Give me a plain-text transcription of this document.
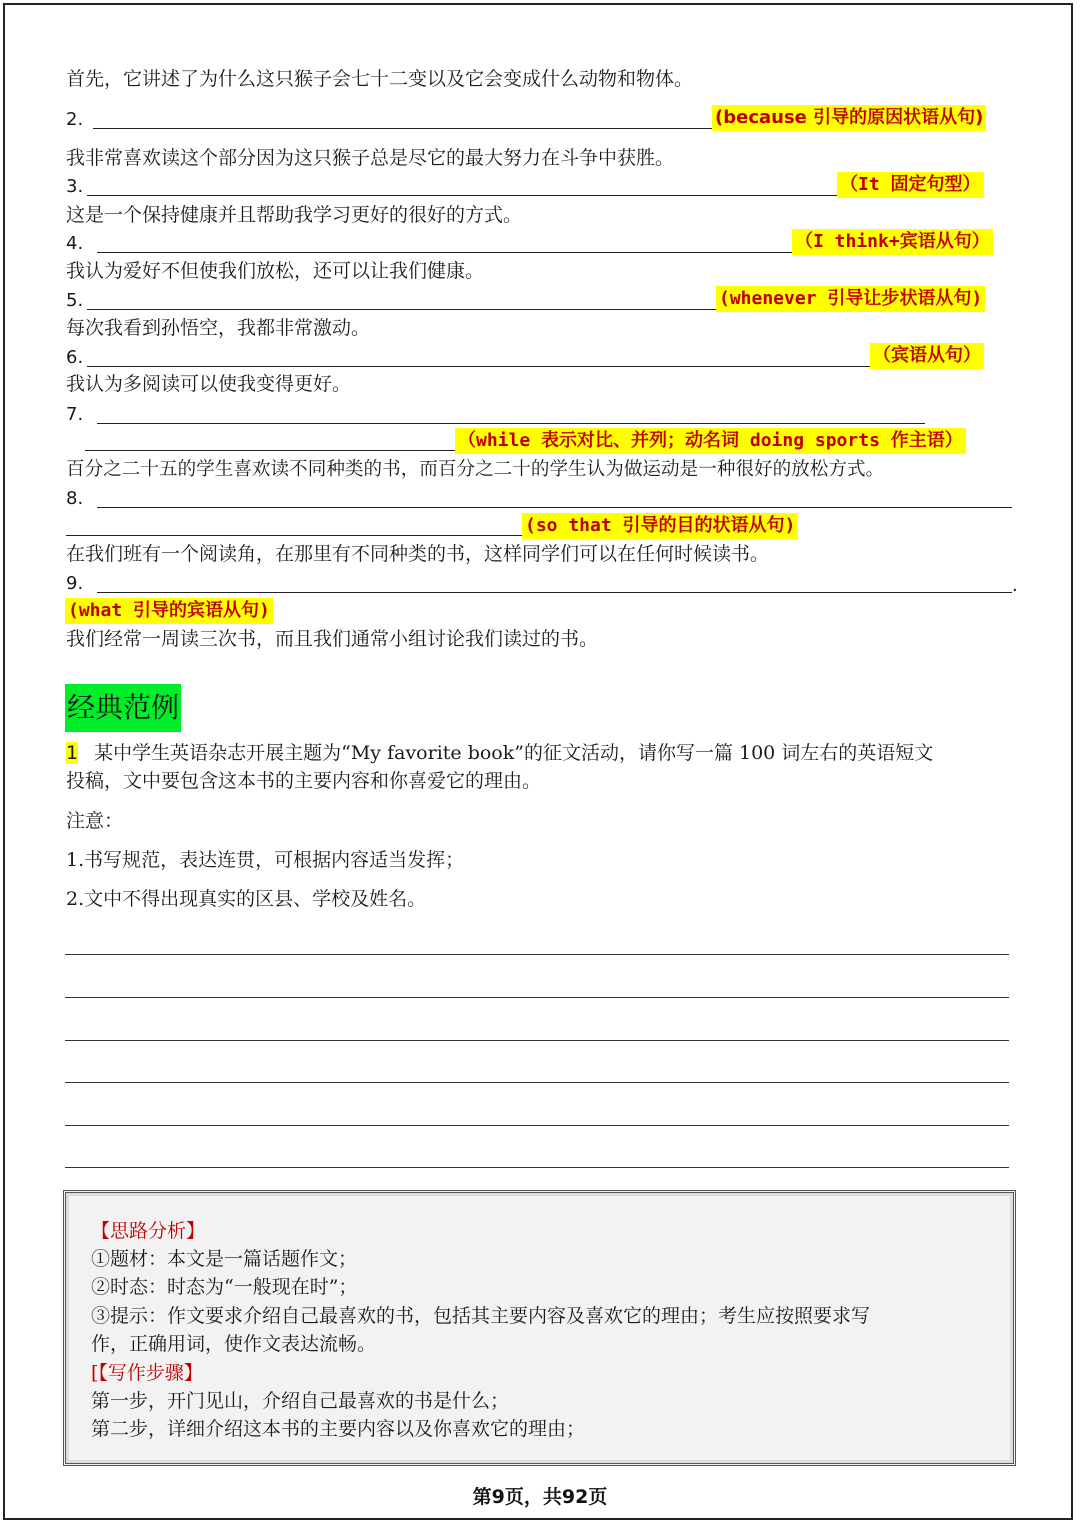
首先，它讲述了为什么这只猴子会七十二变以及它会变成什么动物和物体。
2.	(because 引导的原因状语从句)
我非常喜欢读这个部分因为这只猴子总是尽它的最大努力在斗争中获胜。
3.	（It 固定句型）
这是一个保持健康并且帮助我学习更好的很好的方式。
4.	（I think+宾语从句）
我认为爱好不但使我们放松，还可以让我们健康。
5.	(whenever 引导让步状语从句)
每次我看到孙悟空，我都非常激动。
6.	（宾语从句）
我认为多阅读可以使我变得更好。
7.
（while 表示对比、并列；动名词 doing sports 作主语）
百分之二十五的学生喜欢读不同种类的书，而百分之二十的学生认为做运动是一种很好的放松方式。
8.
(so that 引导的目的状语从句)
在我们班有一个阅读角，在那里有不同种类的书，这样同学们可以在任何时候读书。
9.	.
(what 引导的宾语从句)
我们经常一周读三次书，而且我们通常小组讨论我们读过的书。
经典范例
1 某中学生英语杂志开展主题为“My favorite book”的征文活动，请你写一篇 100 词左右的英语短文
投稿，文中要包含这本书的主要内容和你喜爱它的理由。
注意：
1.书写规范，表达连贯，可根据内容适当发挥；
2.文中不得出现真实的区县、学校及姓名。
【思路分析】
①题材：本文是一篇话题作文；
②时态：时态为“一般现在时”；
③提示：作文要求介绍自己最喜欢的书，包括其主要内容及喜欢它的理由；考生应按照要求写
作，正确用词，使作文表达流畅。
[【写作步骤】
第一步，开门见山，介绍自己最喜欢的书是什么；
第二步，详细介绍这本书的主要内容以及你喜欢它的理由；
第9页，共92页
